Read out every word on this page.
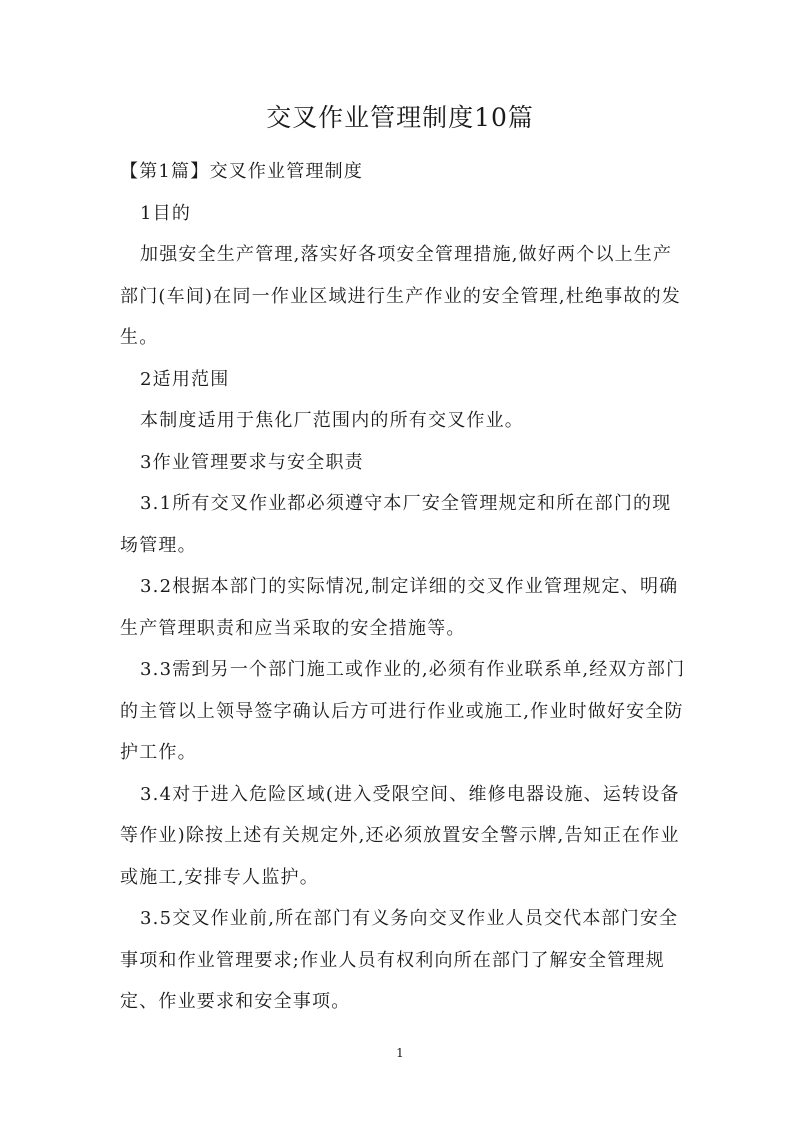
交叉作业管理制度10篇

【第1篇】交叉作业管理制度

1目的

加强安全生产管理,落实好各项安全管理措施,做好两个以上生产部门(车间)在同一作业区域进行生产作业的安全管理,杜绝事故的发生。

2适用范围

本制度适用于焦化厂范围内的所有交叉作业。

3作业管理要求与安全职责

3.1所有交叉作业都必须遵守本厂安全管理规定和所在部门的现场管理。

3.2根据本部门的实际情况,制定详细的交叉作业管理规定、明确生产管理职责和应当采取的安全措施等。

3.3需到另一个部门施工或作业的,必须有作业联系单,经双方部门的主管以上领导签字确认后方可进行作业或施工,作业时做好安全防护工作。

3.4对于进入危险区域(进入受限空间、维修电器设施、运转设备等作业)除按上述有关规定外,还必须放置安全警示牌,告知正在作业或施工,安排专人监护。

3.5交叉作业前,所在部门有义务向交叉作业人员交代本部门安全事项和作业管理要求;作业人员有权利向所在部门了解安全管理规定、作业要求和安全事项。

1
